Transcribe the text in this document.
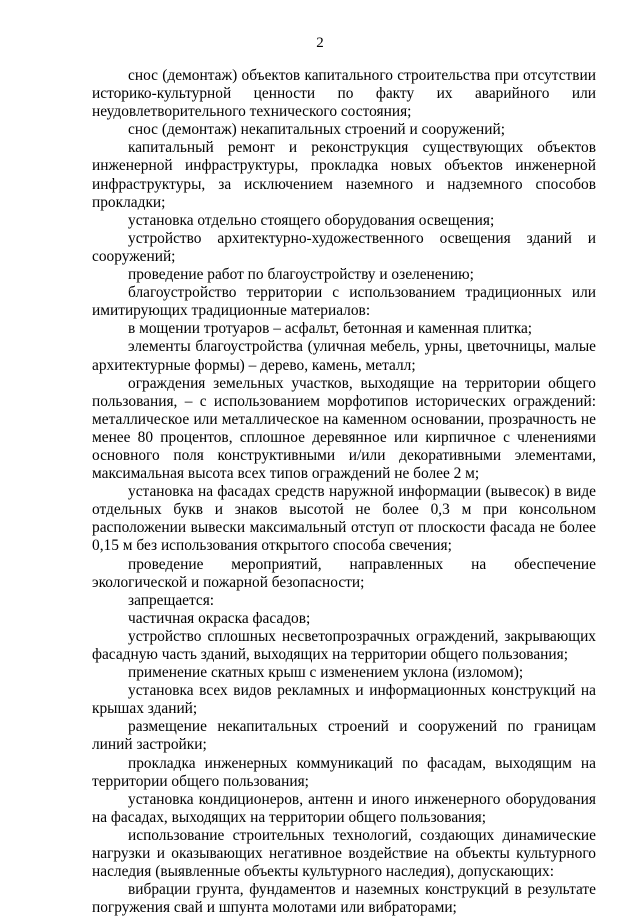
2

снос (демонтаж) объектов капитального строительства при отсутствии историко-культурной ценности по факту их аварийного или неудовлетворительного технического состояния;

снос (демонтаж) некапитальных строений и сооружений;

капитальный ремонт и реконструкция существующих объектов инженерной инфраструктуры, прокладка новых объектов инженерной инфраструктуры, за исключением наземного и надземного способов прокладки;

установка отдельно стоящего оборудования освещения;

устройство архитектурно-художественного освещения зданий и сооружений;

проведение работ по благоустройству и озеленению;

благоустройство территории с использованием традиционных или имитирующих традиционные материалов:

в мощении тротуаров – асфальт, бетонная и каменная плитка;

элементы благоустройства (уличная мебель, урны, цветочницы, малые архитектурные формы) – дерево, камень, металл;

ограждения земельных участков, выходящие на территории общего пользования, – с использованием морфотипов исторических ограждений: металлическое или металлическое на каменном основании, прозрачность не менее 80 процентов, сплошное деревянное или кирпичное с членениями основного поля конструктивными и/или декоративными элементами, максимальная высота всех типов ограждений не более 2 м;

установка на фасадах средств наружной информации (вывесок) в виде отдельных букв и знаков высотой не более 0,3 м при консольном расположении вывески максимальный отступ от плоскости фасада не более 0,15 м без использования открытого способа свечения;

проведение мероприятий, направленных на обеспечение экологической и пожарной безопасности;

запрещается:

частичная окраска фасадов;

устройство сплошных несветопрозрачных ограждений, закрывающих фасадную часть зданий, выходящих на территории общего пользования;

применение скатных крыш с изменением уклона (изломом);

установка всех видов рекламных и информационных конструкций на крышах зданий;

размещение некапитальных строений и сооружений по границам линий застройки;

прокладка инженерных коммуникаций по фасадам, выходящим на территории общего пользования;

установка кондиционеров, антенн и иного инженерного оборудования на фасадах, выходящих на территории общего пользования;

использование строительных технологий, создающих динамические нагрузки и оказывающих негативное воздействие на объекты культурного наследия (выявленные объекты культурного наследия), допускающих:

вибрации грунта, фундаментов и наземных конструкций в результате погружения свай и шпунта молотами или вибраторами;
